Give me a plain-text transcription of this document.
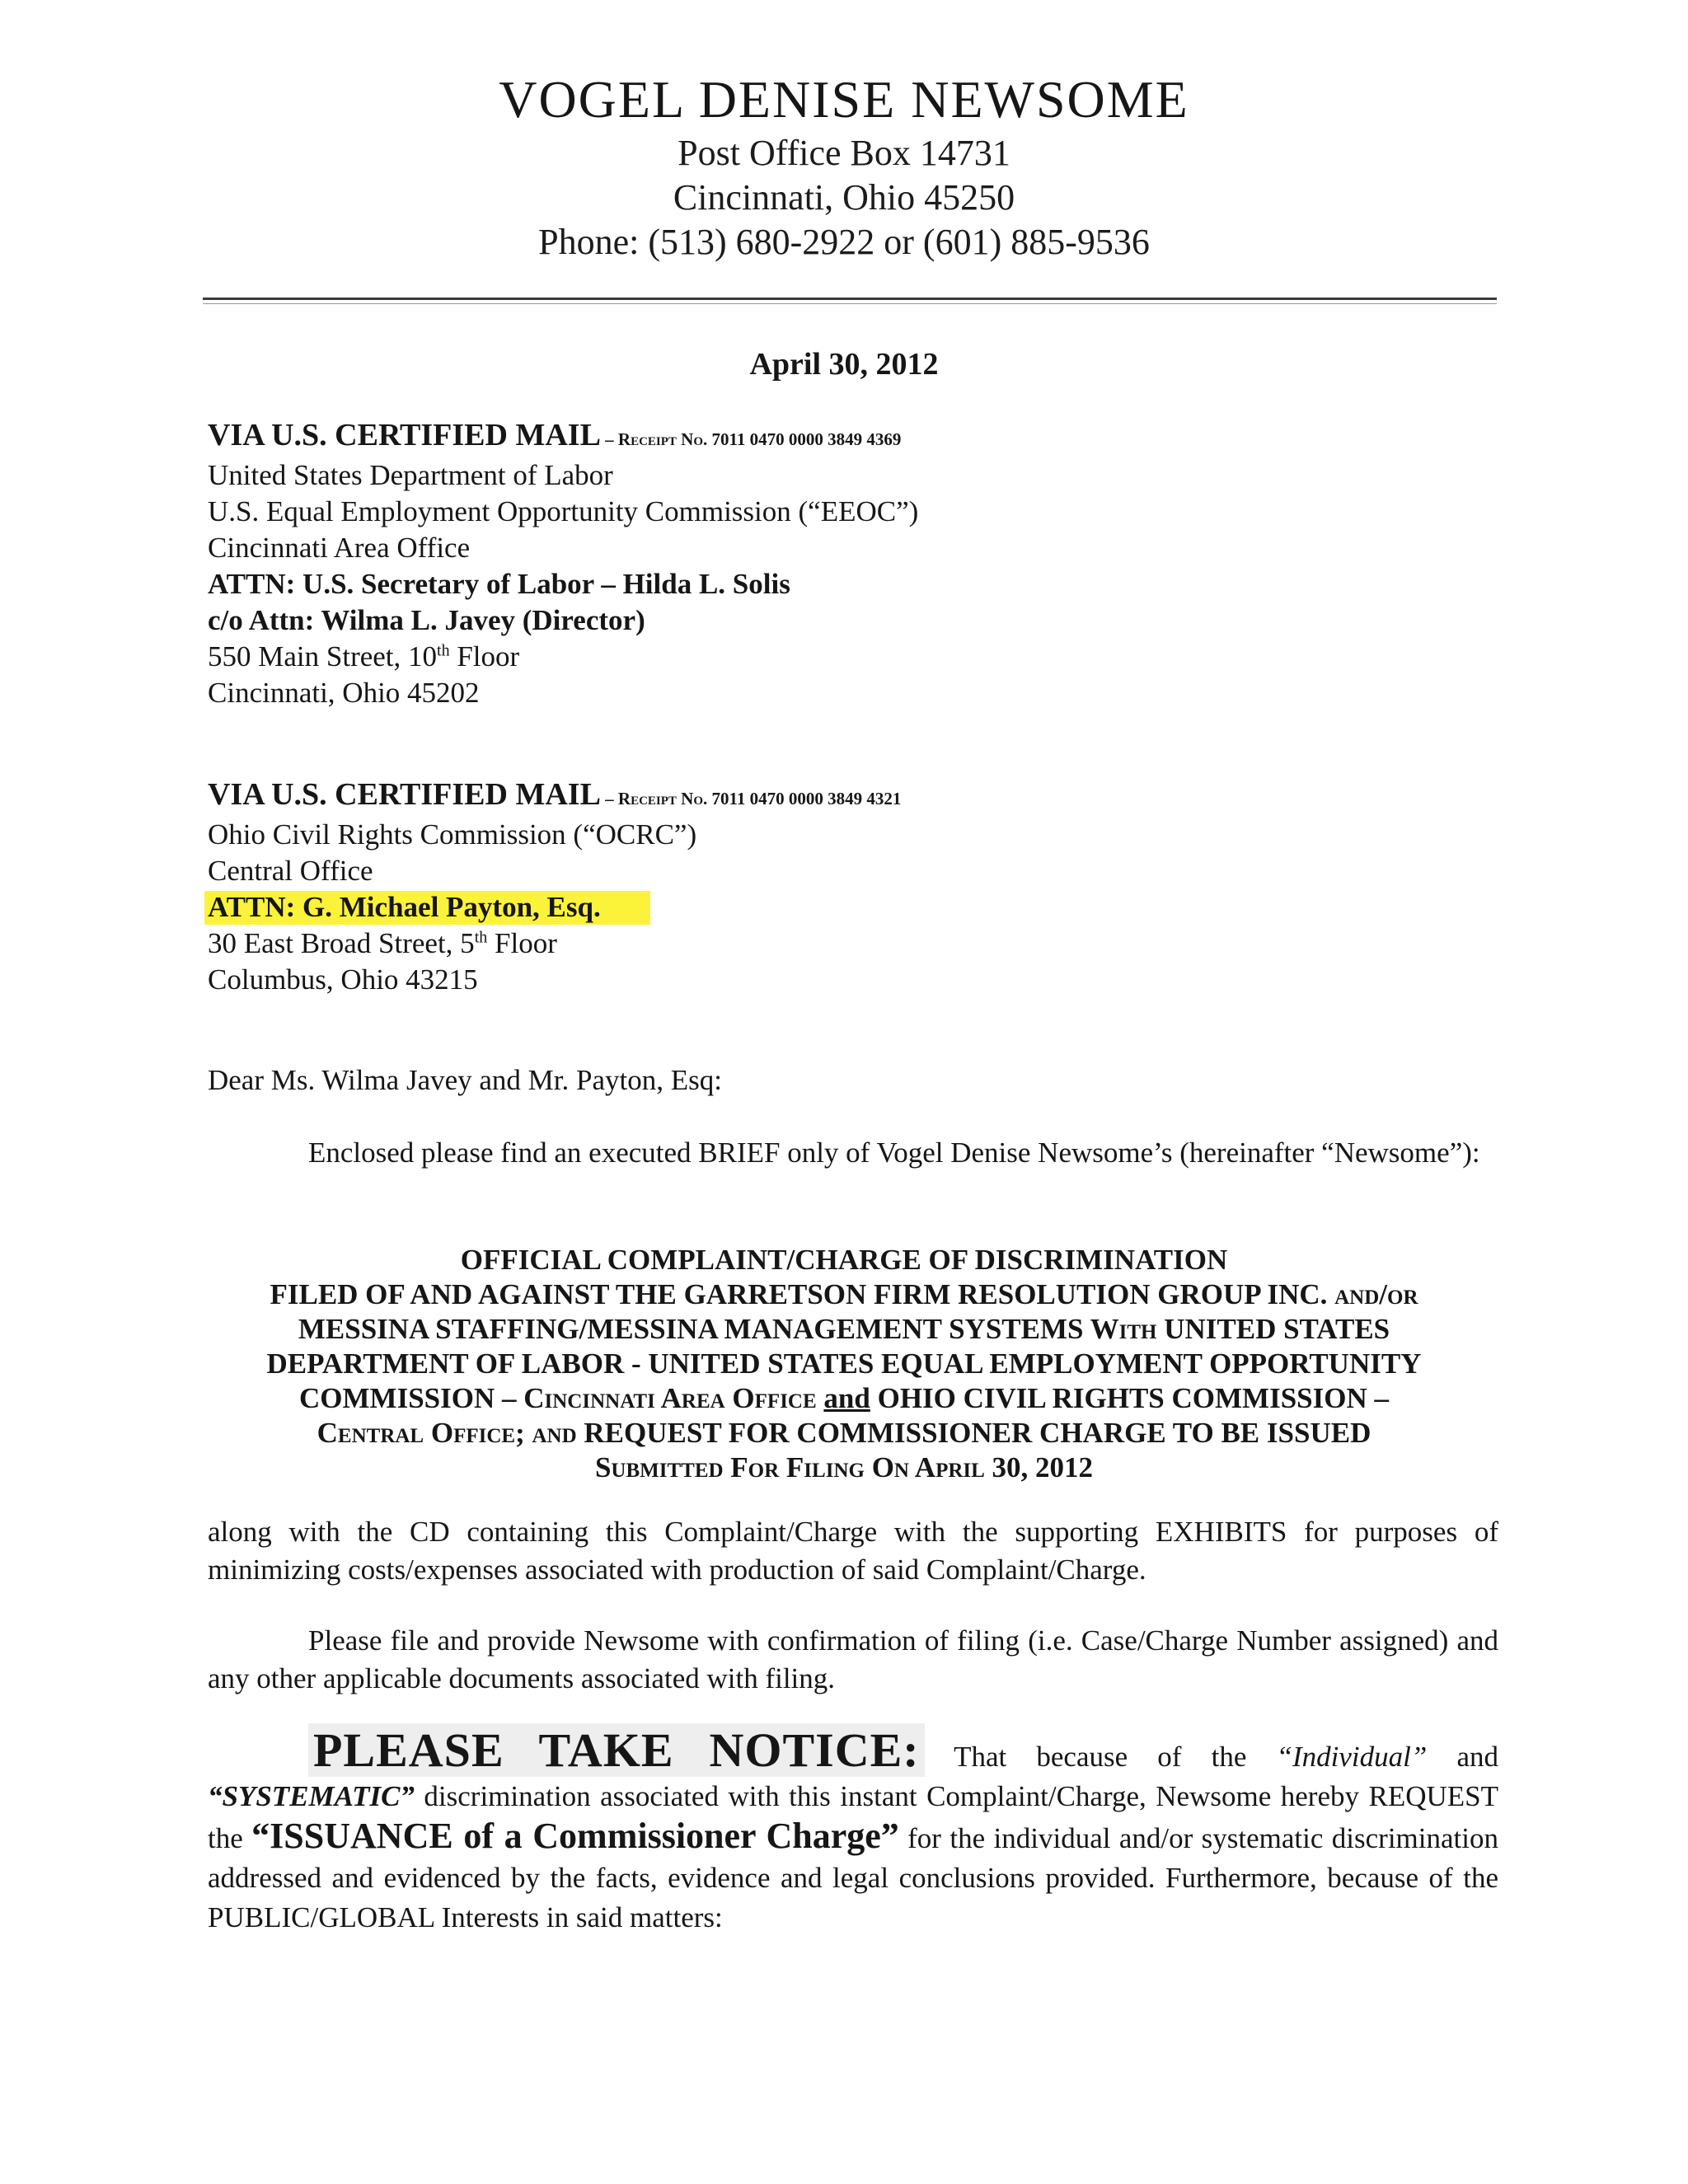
VOGEL DENISE NEWSOME
Post Office Box 14731
Cincinnati, Ohio 45250
Phone: (513) 680-2922 or (601) 885-9536
April 30, 2012
VIA U.S. CERTIFIED MAIL – Receipt No. 7011 0470 0000 3849 4369
United States Department of Labor
U.S. Equal Employment Opportunity Commission (“EEOC”)
Cincinnati Area Office
ATTN: U.S. Secretary of Labor – Hilda L. Solis
c/o Attn: Wilma L. Javey (Director)
550 Main Street, 10th Floor
Cincinnati, Ohio 45202
VIA U.S. CERTIFIED MAIL – Receipt No. 7011 0470 0000 3849 4321
Ohio Civil Rights Commission (“OCRC”)
Central Office
ATTN: G. Michael Payton, Esq.
30 East Broad Street, 5th Floor
Columbus, Ohio 43215
Dear Ms. Wilma Javey and Mr. Payton, Esq:
Enclosed please find an executed BRIEF only of Vogel Denise Newsome’s (hereinafter “Newsome”):
OFFICIAL COMPLAINT/CHARGE OF DISCRIMINATION
FILED OF AND AGAINST THE GARRETSON FIRM RESOLUTION GROUP INC. and/or
MESSINA STAFFING/MESSINA MANAGEMENT SYSTEMS With UNITED STATES
DEPARTMENT OF LABOR - UNITED STATES EQUAL EMPLOYMENT OPPORTUNITY
COMMISSION – Cincinnati Area Office and OHIO CIVIL RIGHTS COMMISSION –
Central Office; and REQUEST FOR COMMISSIONER CHARGE TO BE ISSUED
Submitted For Filing On April 30, 2012
along with the CD containing this Complaint/Charge with the supporting EXHIBITS for purposes of minimizing costs/expenses associated with production of said Complaint/Charge.
Please file and provide Newsome with confirmation of filing (i.e. Case/Charge Number assigned) and any other applicable documents associated with filing.
PLEASE TAKE NOTICE: That because of the “Individual” and “SYSTEMATIC” discrimination associated with this instant Complaint/Charge, Newsome hereby REQUEST the “ISSUANCE of a Commissioner Charge” for the individual and/or systematic discrimination addressed and evidenced by the facts, evidence and legal conclusions provided. Furthermore, because of the PUBLIC/GLOBAL Interests in said matters:
